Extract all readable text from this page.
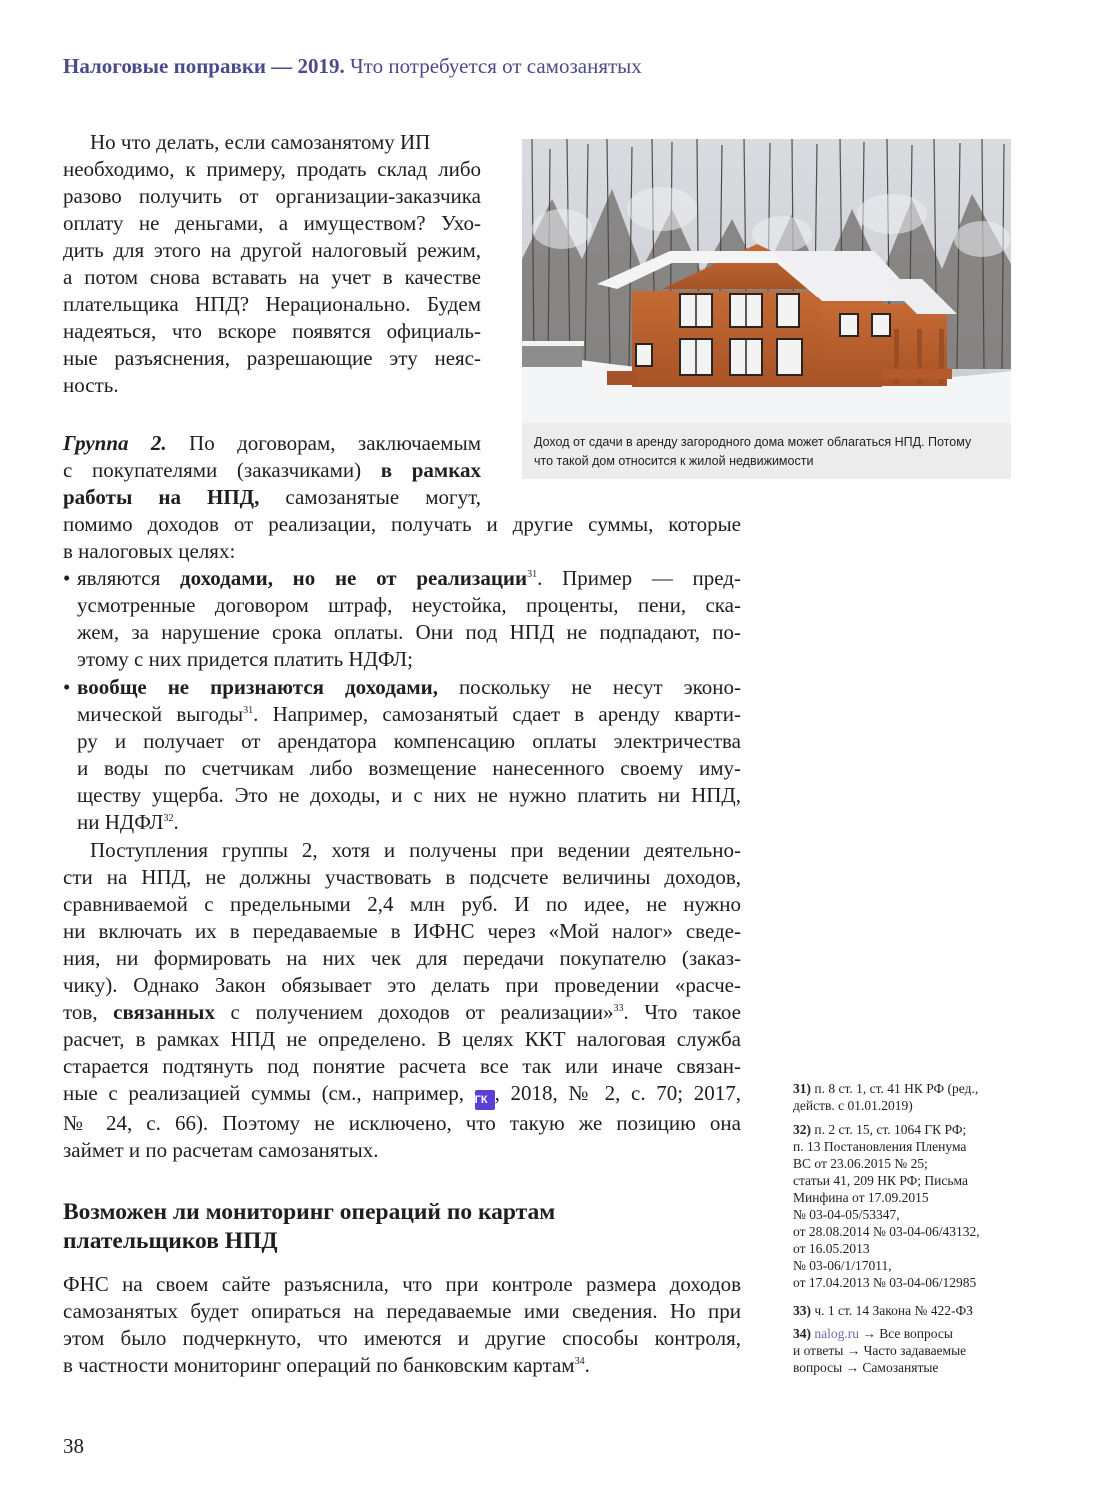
Налоговые поправки — 2019. Что потребуется от самозанятых
Но что делать, если самозанятому ИП
необходимо, к примеру, продать склад либо
разово получить от организации-заказчика
оплату не деньгами, а имуществом? Ухо-
дить для этого на другой налоговый режим,
а потом снова вставать на учет в качестве
плательщика НПД? Нерационально. Будем
надеяться, что вскоре появятся официаль-
ные разъяснения, разрешающие эту неяс-
ность.
Доход от сдачи в аренду загородного дома может облагаться НПД. Потому
что такой дом относится к жилой недвижимости
Группа 2. По договорам, заключаемым
с покупателями (заказчиками) в рамках
работы на НПД, самозанятые могут,
помимо доходов от реализации, получать и другие суммы, которые
в налоговых целях:
• являются доходами, но не от реализации$^{31}$. Пример — пред-
усмотренные договором штраф, неустойка, проценты, пени, ска-
жем, за нарушение срока оплаты. Они под НПД не подпадают, по-
этому с них придется платить НДФЛ;
• вообще не признаются доходами, поскольку не несут эконо-
мической выгоды$^{31}$. Например, самозанятый сдает в аренду кварти-
ру и получает от арендатора компенсацию оплаты электричества
и воды по счетчикам либо возмещение нанесенного своему иму-
ществу ущерба. Это не доходы, и с них не нужно платить ни НПД,
ни НДФЛ$^{32}$.
Поступления группы 2, хотя и получены при ведении деятельно-
сти на НПД, не должны участвовать в подсчете величины доходов,
сравниваемой с предельными 2,4 млн руб. И по идее, не нужно
ни включать их в передаваемые в ИФНС через «Мой налог» сведе-
ния, ни формировать на них чек для передачи покупателю (заказ-
чику). Однако Закон обязывает это делать при проведении «расче-
тов, связанных с получением доходов от реализации»$^{33}$. Что такое
расчет, в рамках НПД не определено. В целях ККТ налоговая служба
старается подтянуть под понятие расчета все так или иначе связан-
ные с реализацией суммы (см., например, ГК , 2018, № 2, с. 70; 2017,
№ 24, с. 66). Поэтому не исключено, что такую же позицию она
займет и по расчетам самозанятых.
Возможен ли мониторинг операций по картам
плательщиков НПД
ФНС на своем сайте разъяснила, что при контроле размера доходов
самозанятых будет опираться на передаваемые ими сведения. Но при
этом было подчеркнуто, что имеются и другие способы контроля,
в частности мониторинг операций по банковским картам$^{34}$.
31) п. 8 ст. 1, ст. 41 НК РФ (ред.,
действ. с 01.01.2019)
32) п. 2 ст. 15, ст. 1064 ГК РФ;
п. 13 Постановления Пленума
ВС от 23.06.2015 № 25;
статьи 41, 209 НК РФ; Письма
Минфина от 17.09.2015
№ 03-04-05/53347,
от 28.08.2014 № 03-04-06/43132,
от 16.05.2013
№ 03-06/1/17011,
от 17.04.2013 № 03-04-06/12985
33) ч. 1 ст. 14 Закона № 422-ФЗ
34) nalog.ru → Все вопросы
и ответы → Часто задаваемые
вопросы → Самозанятые
38
